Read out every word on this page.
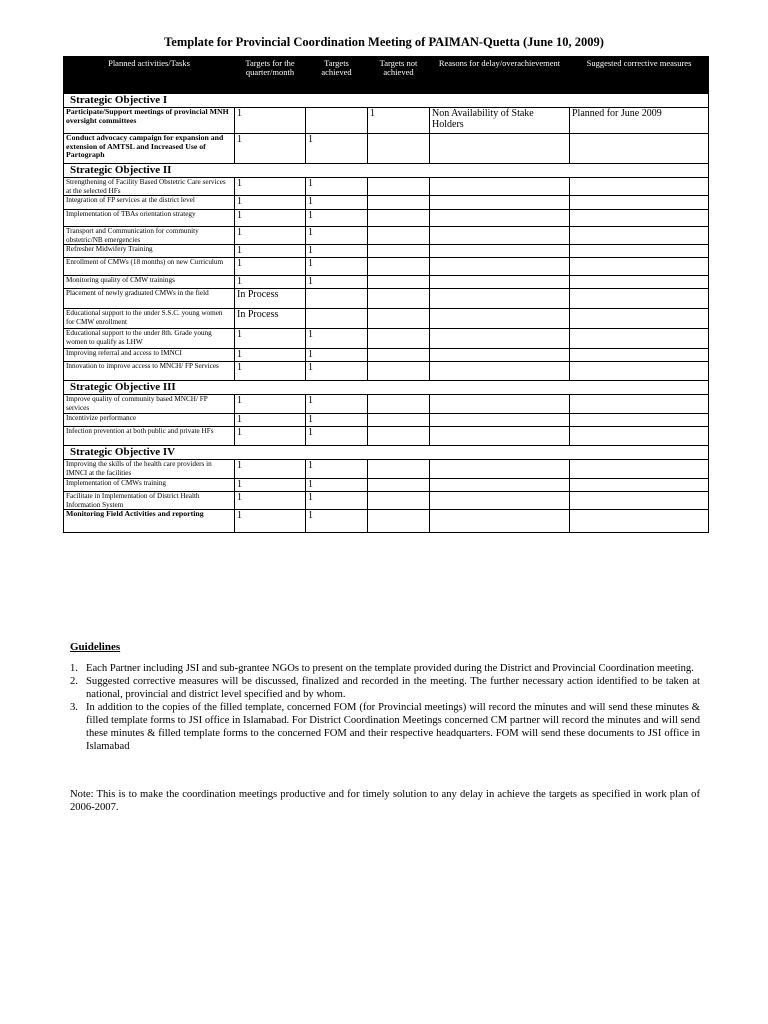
Template for Provincial Coordination Meeting of PAIMAN-Quetta (June 10, 2009)
Planned activities/Tasks	Targets for the quarter/month	Targets achieved	Targets not achieved	Reasons for delay/overachievement	Suggested corrective measures
Strategic Objective I					
Participate/Support meetings of provincial MNH oversight committees	1		1	Non Availability of Stake Holders	Planned for June 2009
Conduct advocacy campaign for expansion and extension of AMTSL and Increased Use of Partograph	1	1			
Strategic Objective II					
Strengthening of Facility Based Obstetric Care services at the selected HFs	1	1			
Integration of FP services at the district level	1	1			
Implementation of TBAs orientation strategy	1	1			
Transport and Communication for community obstetric/NB emergencies	1	1			
Refresher Midwifery Training	1	1			
Enrollment of CMWs (18 months) on new Curriculum	1	1			
Monitoring quality of CMW trainings	1	1			
Placement of newly graduated CMWs in the field	In Process				
Educational support to the under S.S.C. young women for CMW enrollment	In Process				
Educational support to the under 8th. Grade young women to qualify as LHW	1	1			
Improving referral and access to IMNCI	1	1			
Innovation to improve access to MNCH/ FP Services	1	1			
Strategic Objective III					
Improve quality of community based MNCH/ FP services	1	1			
Incentivize performance	1	1			
Infection prevention at both public and private HFs	1	1			
Strategic Objective IV					
Improving the skills of the health care providers in IMNCI at the facilities	1	1			
Implementation of CMWs training	1	1			
Facilitate in Implementation of District Health Information System	1	1			
Monitoring Field Activities and reporting	1	1			
Guidelines
1. Each Partner including JSI and sub-grantee NGOs to present on the template provided during the District and Provincial Coordination meeting.
2. Suggested corrective measures will be discussed, finalized and recorded in the meeting. The further necessary action identified to be taken at national, provincial and district level specified and by whom.
3. In addition to the copies of the filled template, concerned FOM (for Provincial meetings) will record the minutes and will send these minutes & filled template forms to JSI office in Islamabad. For District Coordination Meetings concerned CM partner will record the minutes and will send these minutes & filled template forms to the concerned FOM and their respective headquarters. FOM will send these documents to JSI office in Islamabad
Note: This is to make the coordination meetings productive and for timely solution to any delay in achieve the targets as specified in work plan of 2006-2007.
